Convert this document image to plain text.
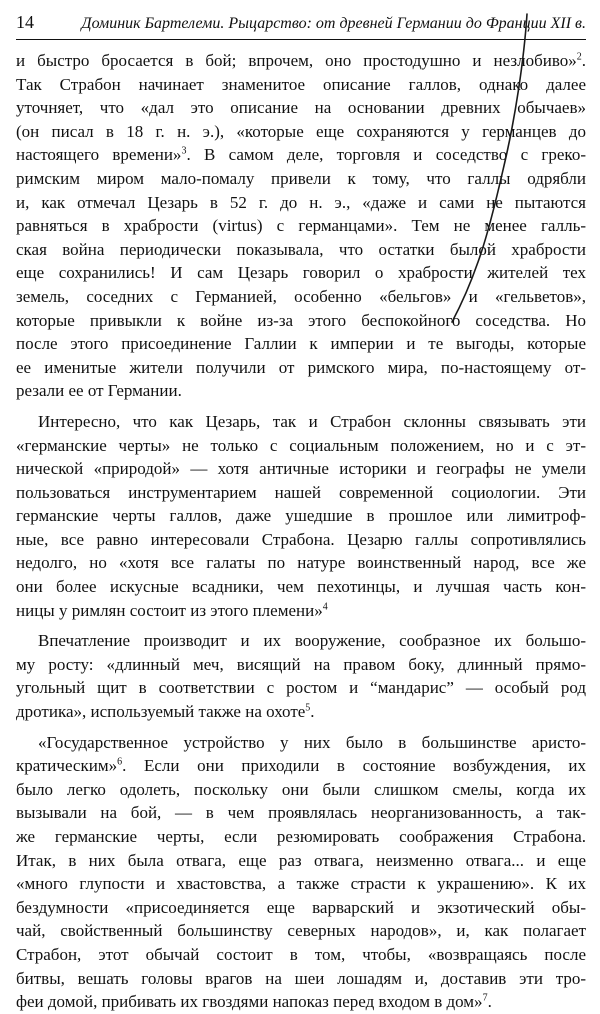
14	Доминик Бартелеми. Рыцарство: от древней Германии до Франции XII в.
и быстро бросается в бой; впрочем, оно простодушно и незлобиво»$^2$.
Так Страбон начинает знаменитое описание галлов, однако далее
уточняет, что «дал это описание на основании древних обычаев»
(он писал в 18 г. н. э.), «которые еще сохраняются у германцев до
настоящего времени»$^3$. В самом деле, торговля и соседство с греко-
римским миром мало-помалу привели к тому, что галлы одрябли
и, как отмечал Цезарь в 52 г. до н. э., «даже и сами не пытаются
равняться в храбрости (virtus) с германцами». Тем не менее галль-
ская война периодически показывала, что остатки былой храбрости
еще сохранились! И сам Цезарь говорил о храбрости жителей тех
земель, соседних с Германией, особенно «бельгов» и «гельветов»,
которые привыкли к войне из-за этого беспокойного соседства. Но
после этого присоединение Галлии к империи и те выгоды, которые
ее именитые жители получили от римского мира, по-настоящему от-
резали ее от Германии.
Интересно, что как Цезарь, так и Страбон склонны связывать эти
«германские черты» не только с социальным положением, но и с эт-
нической «природой» — хотя античные историки и географы не умели
пользоваться инструментарием нашей современной социологии. Эти
германские черты галлов, даже ушедшие в прошлое или лимитроф-
ные, все равно интересовали Страбона. Цезарю галлы сопротивлялись
недолго, но «хотя все галаты по натуре воинственный народ, все же
они более искусные всадники, чем пехотинцы, и лучшая часть кон-
ницы у римлян состоит из этого племени»$^4$
Впечатление производит и их вооружение, сообразное их большо-
му росту: «длинный меч, висящий на правом боку, длинный прямо-
угольный щит в соответствии с ростом и “мандарис” — особый род
дротика», используемый также на охоте$^5$.
«Государственное устройство у них было в большинстве аристо-
кратическим»$^6$. Если они приходили в состояние возбуждения, их
было легко одолеть, поскольку они были слишком смелы, когда их
вызывали на бой, — в чем проявлялась неорганизованность, а так-
же германские черты, если резюмировать соображения Страбона.
Итак, в них была отвага, еще раз отвага, неизменно отвага... и еще
«много глупости и хвастовства, а также страсти к украшению». К их
бездумности «присоединяется еще варварский и экзотический обы-
чай, свойственный большинству северных народов», и, как полагает
Страбон, этот обычай состоит в том, чтобы, «возвращаясь после
битвы, вешать головы врагов на шеи лошадям и, доставив эти тро-
феи домой, прибивать их гвоздями напоказ перед входом в дом»$^7$.
